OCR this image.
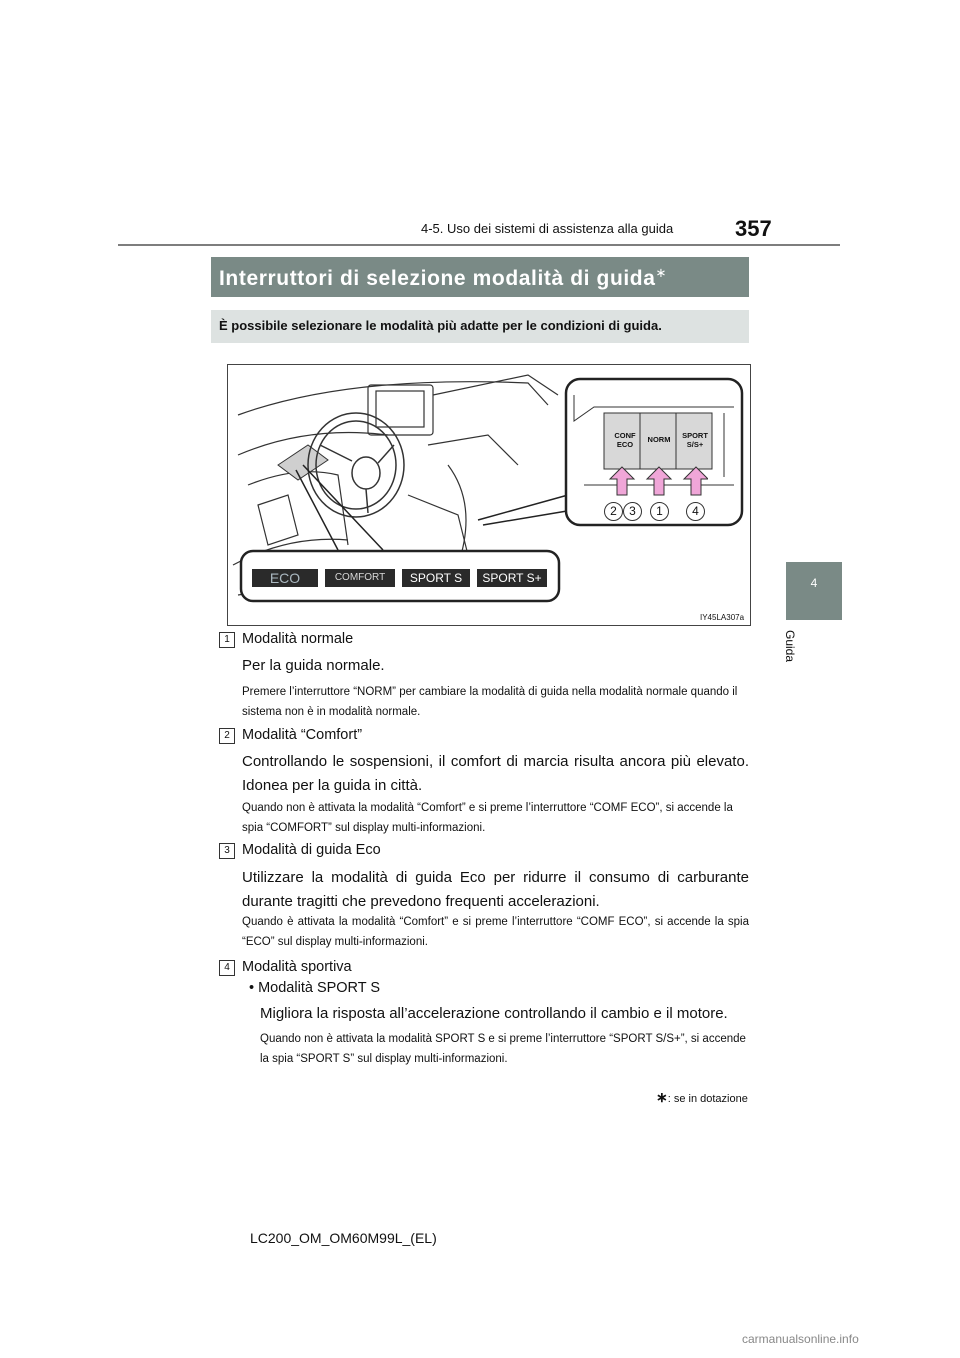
357
4-5. Uso dei sistemi di assistenza alla guida
4
Guida
Interruttori di selezione modalità di guida∗
È possibile selezionare le modalità più adatte per le condizioni di guida.
CONF
ECO
NORM	SPORT
S/S+
2	3	1	4
ECO	COMFORT	SPORT S	SPORT S+
IY45LA307a
1 Modalità normale
Per la guida normale.
Premere l’interruttore “NORM” per cambiare la modalità di guida nella modalità normale quando il sistema non è in modalità normale.
2 Modalità “Comfort”
Controllando le sospensioni, il comfort di marcia risulta ancora più elevato. Idonea per la guida in città.
Quando non è attivata la modalità “Comfort” e si preme l’interruttore “COMF ECO”, si accende la spia “COMFORT” sul display multi-informazioni.
3 Modalità di guida Eco
Utilizzare la modalità di guida Eco per ridurre il consumo di carburante durante tragitti che prevedono frequenti accelerazioni.
Quando è attivata la modalità “Comfort” e si preme l’interruttore “COMF ECO”, si accende la spia “ECO” sul display multi-informazioni.
4 Modalità sportiva
• Modalità SPORT S
Migliora la risposta all’accelerazione controllando il cambio e il motore.
Quando non è attivata la modalità SPORT S e si preme l’interruttore “SPORT S/S+”, si accende la spia “SPORT S” sul display multi-informazioni.
∗: se in dotazione
LC200_OM_OM60M99L_(EL)
carmanualsonline.info
